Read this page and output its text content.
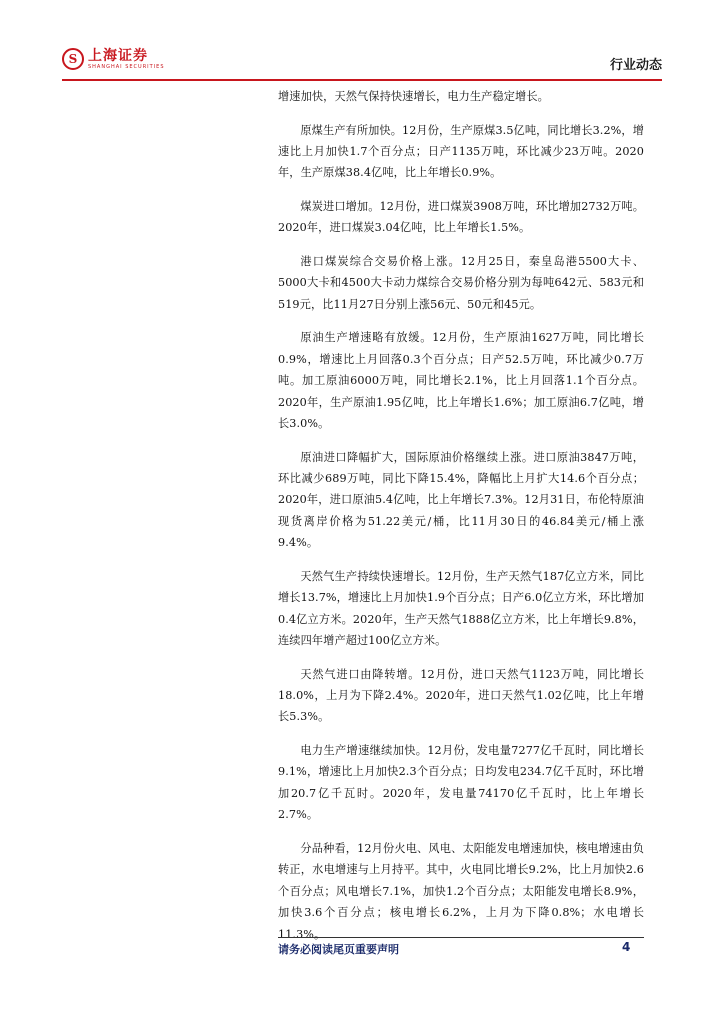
S 上海证券
SHANGHAI SECURITIES	行业动态

增速加快，天然气保持快速增长，电力生产稳定增长。

原煤生产有所加快。12月份，生产原煤3.5亿吨，同比增长3.2%，增速比上月加快1.7个百分点；日产1135万吨，环比减少23万吨。2020年，生产原煤38.4亿吨，比上年增长0.9%。

煤炭进口增加。12月份，进口煤炭3908万吨，环比增加2732万吨。2020年，进口煤炭3.04亿吨，比上年增长1.5%。

港口煤炭综合交易价格上涨。12月25日，秦皇岛港5500大卡、5000大卡和4500大卡动力煤综合交易价格分别为每吨642元、583元和519元，比11月27日分别上涨56元、50元和45元。

原油生产增速略有放缓。12月份，生产原油1627万吨，同比增长0.9%，增速比上月回落0.3个百分点；日产52.5万吨，环比减少0.7万吨。加工原油6000万吨，同比增长2.1%，比上月回落1.1个百分点。2020年，生产原油1.95亿吨，比上年增长1.6%；加工原油6.7亿吨，增长3.0%。

原油进口降幅扩大，国际原油价格继续上涨。进口原油3847万吨，环比减少689万吨，同比下降15.4%，降幅比上月扩大14.6个百分点；2020年，进口原油5.4亿吨，比上年增长7.3%。12月31日，布伦特原油现货离岸价格为51.22美元/桶，比11月30日的46.84美元/桶上涨9.4%。

天然气生产持续快速增长。12月份，生产天然气187亿立方米，同比增长13.7%，增速比上月加快1.9个百分点；日产6.0亿立方米，环比增加0.4亿立方米。2020年，生产天然气1888亿立方米，比上年增长9.8%，连续四年增产超过100亿立方米。

天然气进口由降转增。12月份，进口天然气1123万吨，同比增长18.0%，上月为下降2.4%。2020年，进口天然气1.02亿吨，比上年增长5.3%。

电力生产增速继续加快。12月份，发电量7277亿千瓦时，同比增长9.1%，增速比上月加快2.3个百分点；日均发电234.7亿千瓦时，环比增加20.7亿千瓦时。2020年，发电量74170亿千瓦时，比上年增长2.7%。

分品种看，12月份火电、风电、太阳能发电增速加快，核电增速由负转正，水电增速与上月持平。其中，火电同比增长9.2%，比上月加快2.6个百分点；风电增长7.1%，加快1.2个百分点；太阳能发电增长8.9%，加快3.6个百分点；核电增长6.2%，上月为下降0.8%；水电增长11.3%。

请务必阅读尾页重要声明	4
